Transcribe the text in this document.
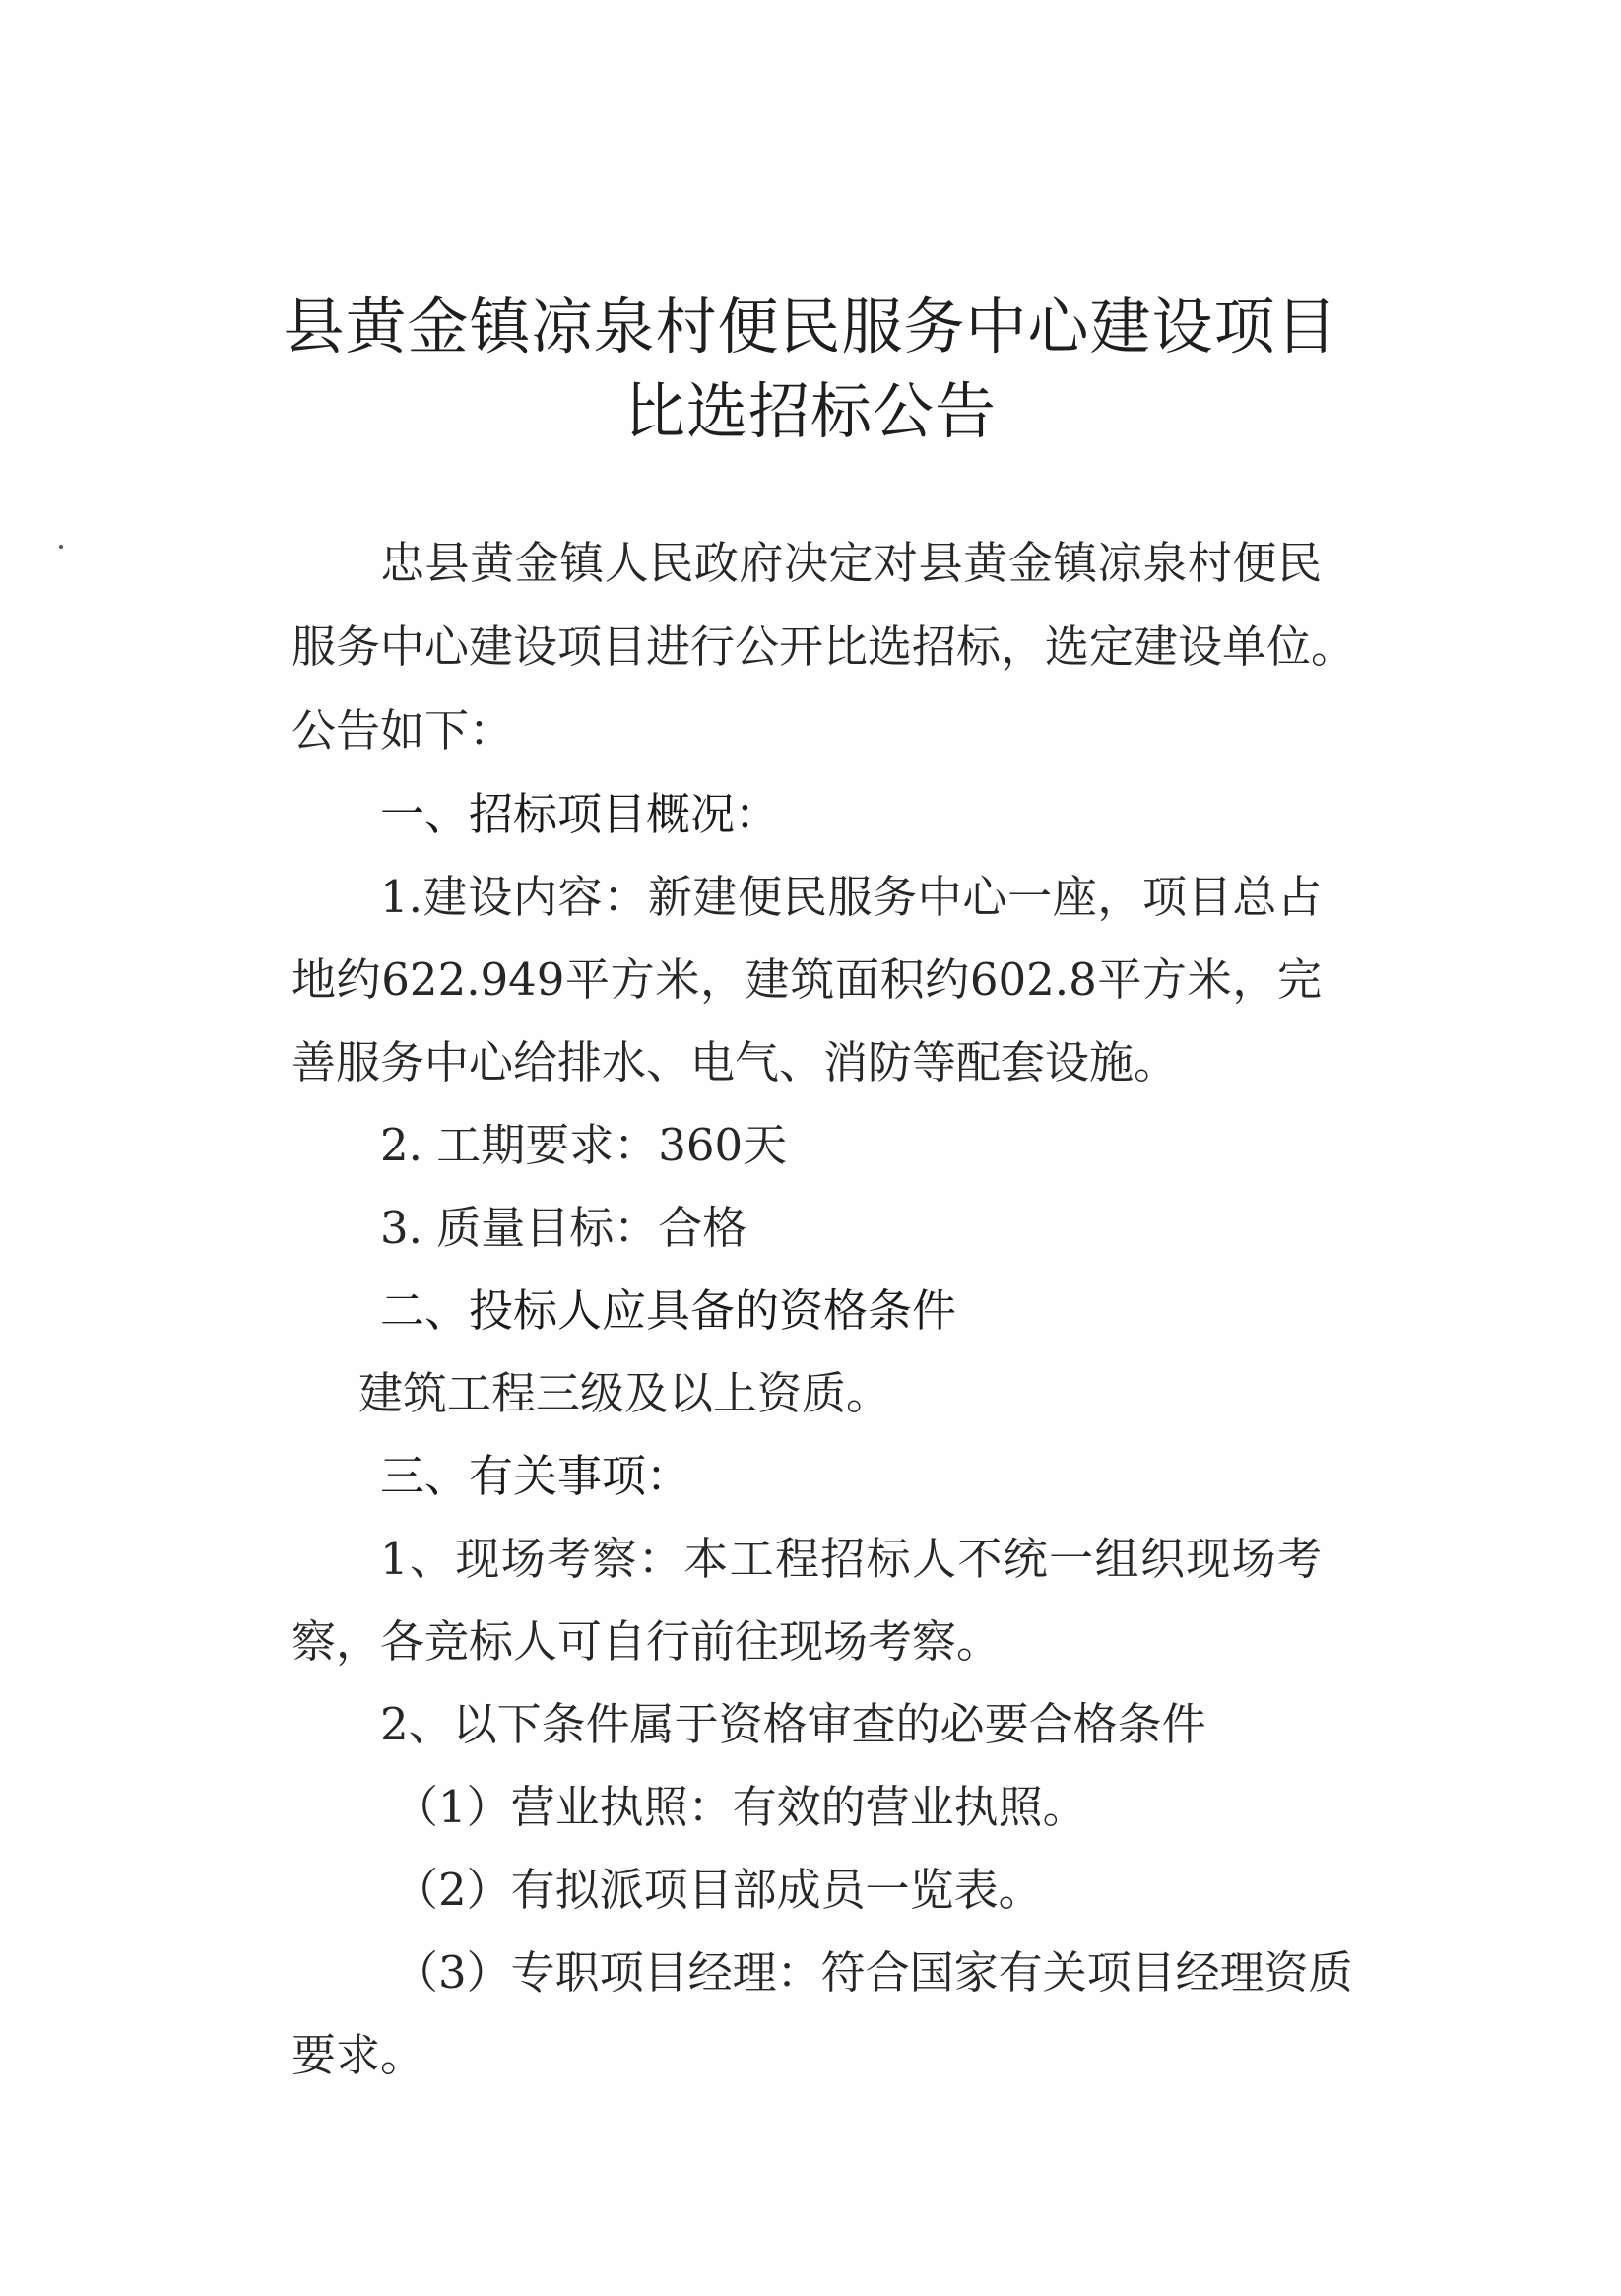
县黄金镇凉泉村便民服务中心建设项目
比选招标公告
忠县黄金镇人民政府决定对县黄金镇凉泉村便民
服务中心建设项目进行公开比选招标，选定建设单位。
公告如下：
一、招标项目概况：
1.建设内容：新建便民服务中心一座，项目总占
地约622.949平方米，建筑面积约602.8平方米，完
善服务中心给排水、电气、消防等配套设施。
2. 工期要求：360天
3. 质量目标：合格
二、投标人应具备的资格条件
建筑工程三级及以上资质。
三、有关事项：
1、现场考察：本工程招标人不统一组织现场考
察，各竞标人可自行前往现场考察。
2、以下条件属于资格审查的必要合格条件
（1）营业执照：有效的营业执照。
（2）有拟派项目部成员一览表。
（3）专职项目经理：符合国家有关项目经理资质
要求。
